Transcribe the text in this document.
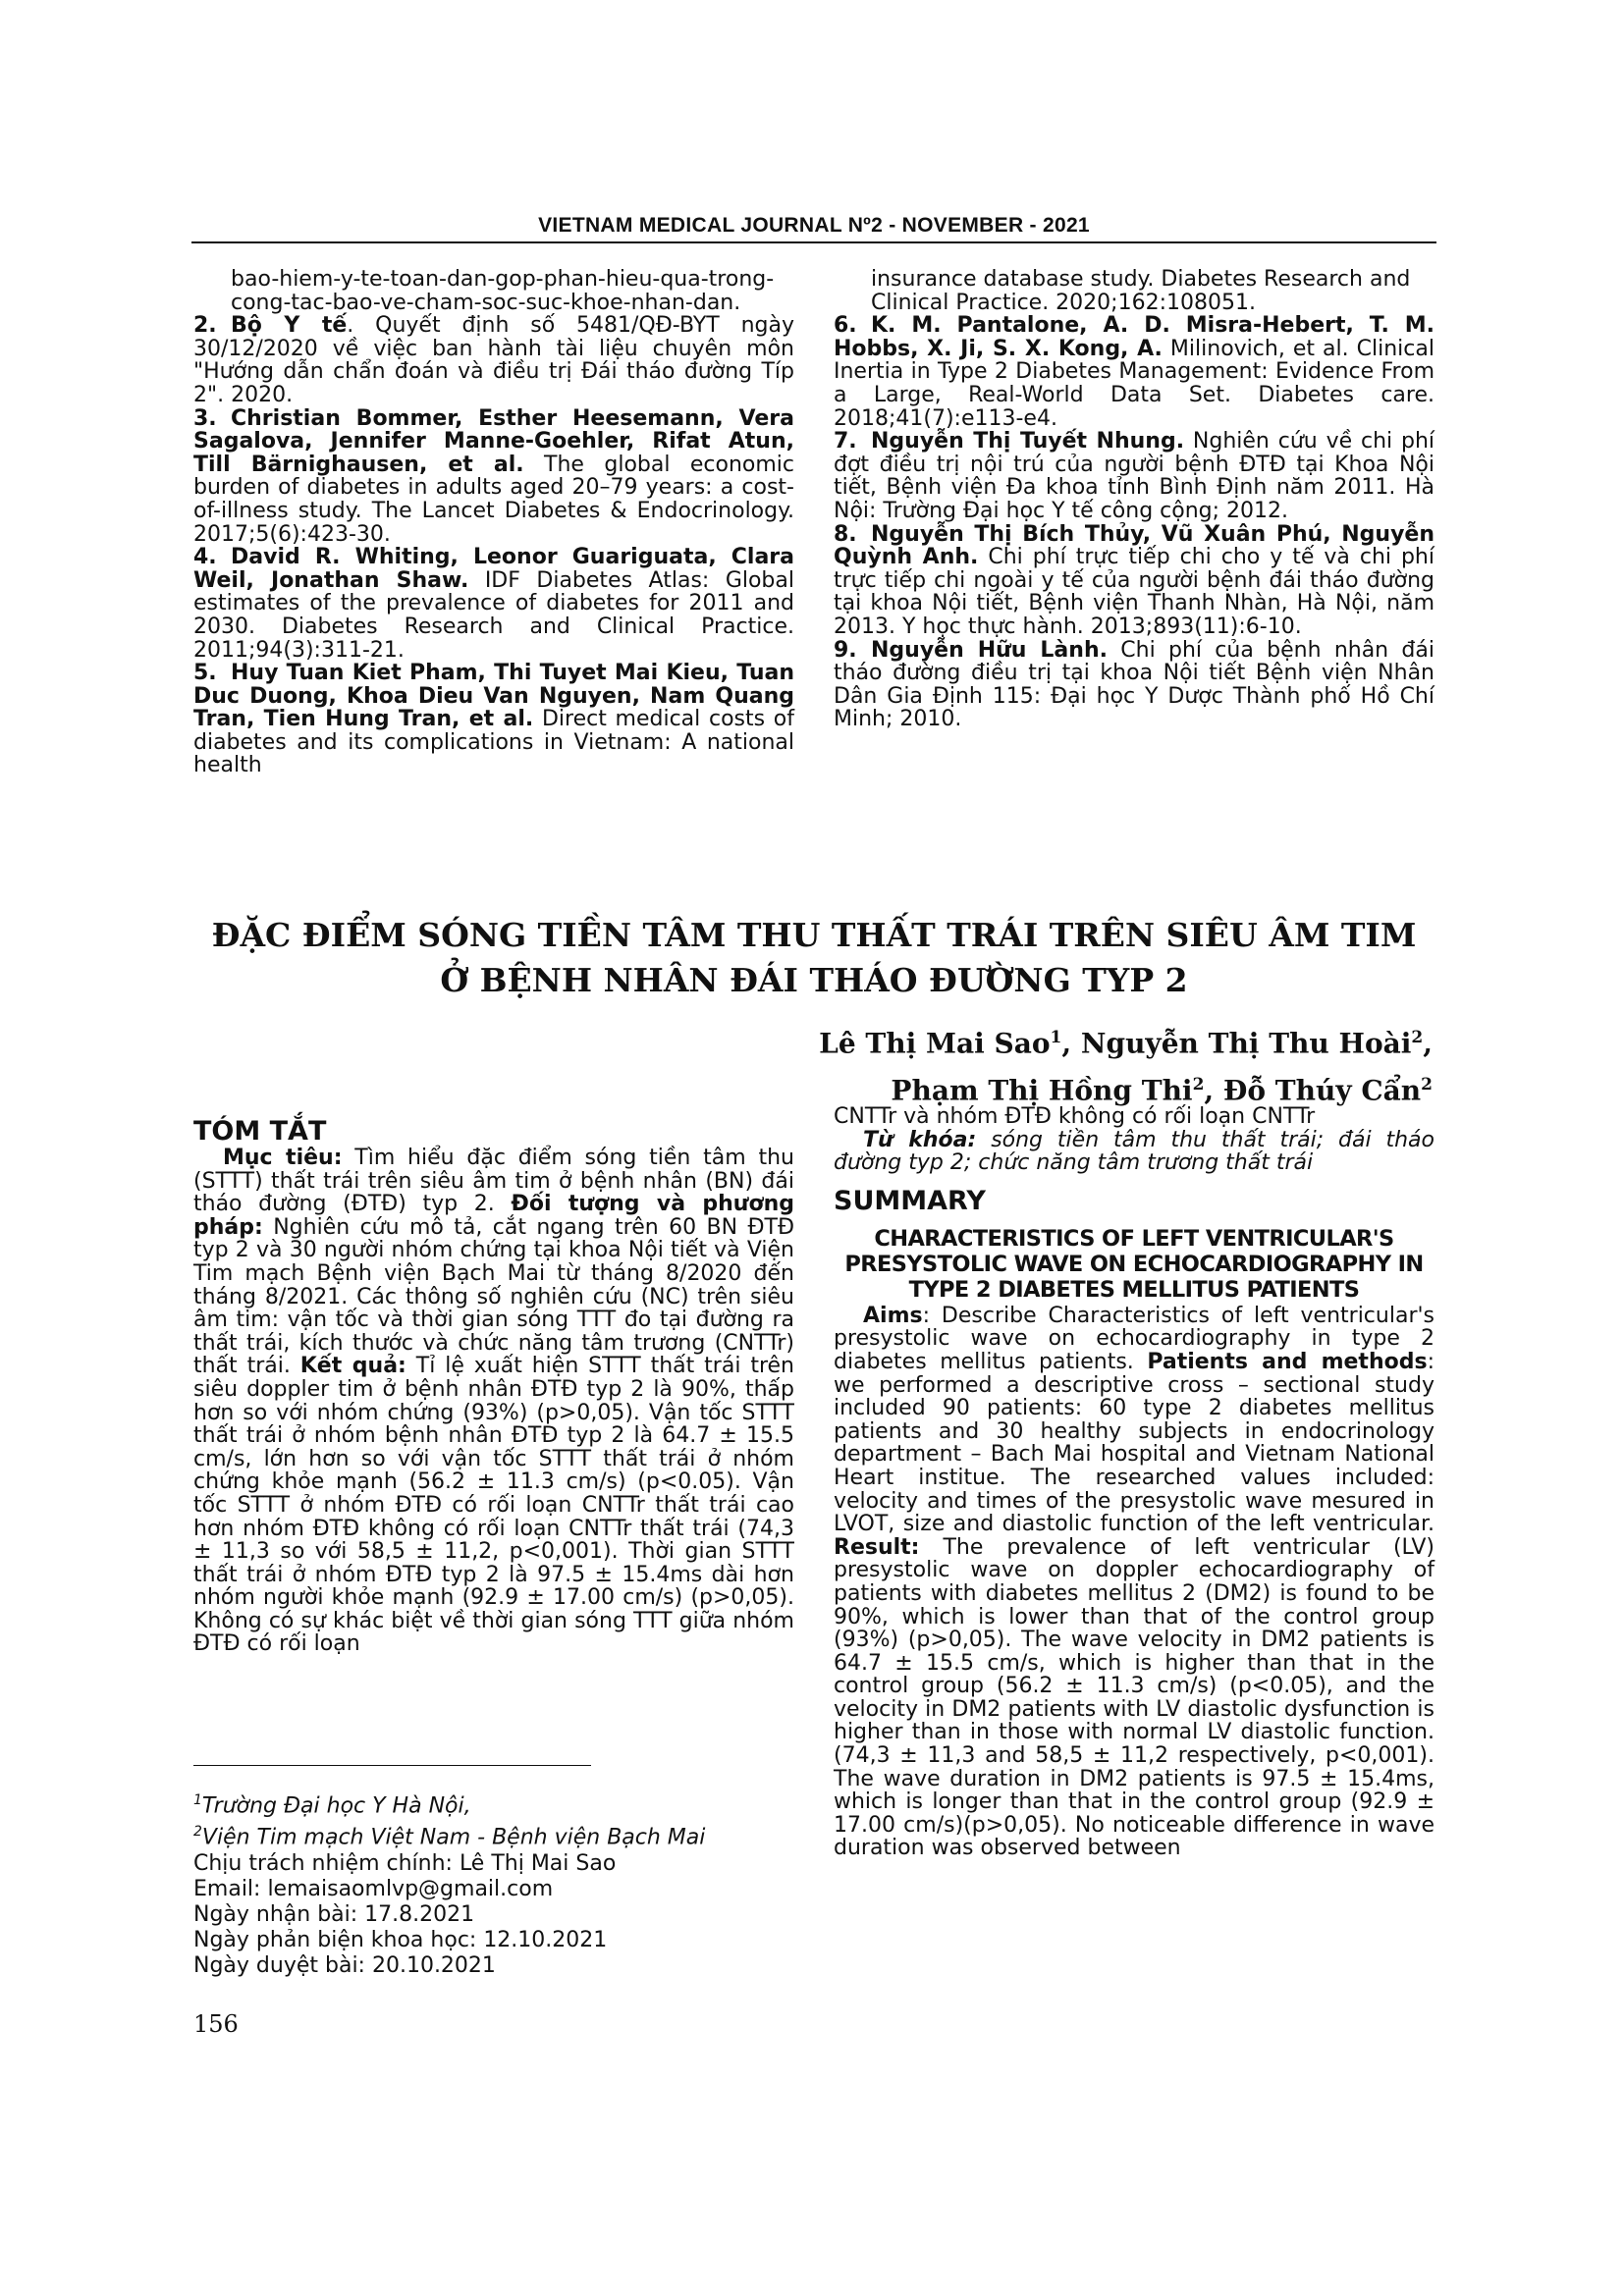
VIETNAM MEDICAL JOURNAL Nº2 - NOVEMBER - 2021

bao-hiem-y-te-toan-dan-gop-phan-hieu-qua-trong-cong-tac-bao-ve-cham-soc-suc-khoe-nhan-dan.

2. Bộ Y tế. Quyết định số 5481/QĐ-BYT ngày 30/12/2020 về việc ban hành tài liệu chuyên môn "Hướng dẫn chẩn đoán và điều trị Đái tháo đường Típ 2". 2020.

3. Christian Bommer, Esther Heesemann, Vera Sagalova, Jennifer Manne-Goehler, Rifat Atun, Till Bärnighausen, et al. The global economic burden of diabetes in adults aged 20–79 years: a cost-of-illness study. The Lancet Diabetes & Endocrinology. 2017;5(6):423-30.

4. David R. Whiting, Leonor Guariguata, Clara Weil, Jonathan Shaw. IDF Diabetes Atlas: Global estimates of the prevalence of diabetes for 2011 and 2030. Diabetes Research and Clinical Practice. 2011;94(3):311-21.

5. Huy Tuan Kiet Pham, Thi Tuyet Mai Kieu, Tuan Duc Duong, Khoa Dieu Van Nguyen, Nam Quang Tran, Tien Hung Tran, et al. Direct medical costs of diabetes and its complications in Vietnam: A national health

insurance database study. Diabetes Research and Clinical Practice. 2020;162:108051.

6. K. M. Pantalone, A. D. Misra-Hebert, T. M. Hobbs, X. Ji, S. X. Kong, A. Milinovich, et al. Clinical Inertia in Type 2 Diabetes Management: Evidence From a Large, Real-World Data Set. Diabetes care. 2018;41(7):e113-e4.

7. Nguyễn Thị Tuyết Nhung. Nghiên cứu về chi phí đợt điều trị nội trú của người bệnh ĐTĐ tại Khoa Nội tiết, Bệnh viện Đa khoa tỉnh Bình Định năm 2011. Hà Nội: Trường Đại học Y tế công cộng; 2012.

8. Nguyễn Thị Bích Thủy, Vũ Xuân Phú, Nguyễn Quỳnh Anh. Chi phí trực tiếp chi cho y tế và chi phí trực tiếp chi ngoài y tế của người bệnh đái tháo đường tại khoa Nội tiết, Bệnh viện Thanh Nhàn, Hà Nội, năm 2013. Y học thực hành. 2013;893(11):6-10.

9. Nguyễn Hữu Lành. Chi phí của bệnh nhân đái tháo đường điều trị tại khoa Nội tiết Bệnh viện Nhân Dân Gia Định 115: Đại học Y Dược Thành phố Hồ Chí Minh; 2010.

ĐẶC ĐIỂM SÓNG TIỀN TÂM THU THẤT TRÁI TRÊN SIÊU ÂM TIM
Ở BỆNH NHÂN ĐÁI THÁO ĐƯỜNG TYP 2
Lê Thị Mai Sao$^1$, Nguyễn Thị Thu Hoài$^2$,
Phạm Thị Hồng Thi$^2$, Đỗ Thúy Cẩn$^2$
TÓM TẮT

Mục tiêu: Tìm hiểu đặc điểm sóng tiền tâm thu (STTT) thất trái trên siêu âm tim ở bệnh nhân (BN) đái tháo đường (ĐTĐ) typ 2. Đối tượng và phương pháp: Nghiên cứu mô tả, cắt ngang trên 60 BN ĐTĐ typ 2 và 30 người nhóm chứng tại khoa Nội tiết và Viện Tim mạch Bệnh viện Bạch Mai từ tháng 8/2020 đến tháng 8/2021. Các thông số nghiên cứu (NC) trên siêu âm tim: vận tốc và thời gian sóng TTT đo tại đường ra thất trái, kích thước và chức năng tâm trương (CNTTr) thất trái. Kết quả: Tỉ lệ xuất hiện STTT thất trái trên siêu doppler tim ở bệnh nhân ĐTĐ typ 2 là 90%, thấp hơn so với nhóm chứng (93%) (p>0,05). Vận tốc STTT thất trái ở nhóm bệnh nhân ĐTĐ typ 2 là 64.7 ± 15.5 cm/s, lớn hơn so với vận tốc STTT thất trái ở nhóm chứng khỏe mạnh (56.2 ± 11.3 cm/s) (p<0.05). Vận tốc STTT ở nhóm ĐTĐ có rối loạn CNTTr thất trái cao hơn nhóm ĐTĐ không có rối loạn CNTTr thất trái (74,3 ± 11,3 so với 58,5 ± 11,2, p<0,001). Thời gian STTT thất trái ở nhóm ĐTĐ typ 2 là 97.5 ± 15.4ms dài hơn nhóm người khỏe mạnh (92.9 ± 17.00 cm/s) (p>0,05). Không có sự khác biệt về thời gian sóng TTT giữa nhóm ĐTĐ có rối loạn

CNTTr và nhóm ĐTĐ không có rối loạn CNTTr

Từ khóa: sóng tiền tâm thu thất trái; đái tháo đường typ 2; chức năng tâm trương thất trái

SUMMARY
CHARACTERISTICS OF LEFT VENTRICULAR'S PRESYSTOLIC WAVE ON ECHOCARDIOGRAPHY IN TYPE 2 DIABETES MELLITUS PATIENTS

Aims: Describe Characteristics of left ventricular's presystolic wave on echocardiography in type 2 diabetes mellitus patients. Patients and methods: we performed a descriptive cross – sectional study included 90 patients: 60 type 2 diabetes mellitus patients and 30 healthy subjects in endocrinology department – Bach Mai hospital and Vietnam National Heart institue. The researched values included: velocity and times of the presystolic wave mesured in LVOT, size and diastolic function of the left ventricular. Result: The prevalence of left ventricular (LV) presystolic wave on doppler echocardiography of patients with diabetes mellitus 2 (DM2) is found to be 90%, which is lower than that of the control group (93%) (p>0,05). The wave velocity in DM2 patients is 64.7 ± 15.5 cm/s, which is higher than that in the control group (56.2 ± 11.3 cm/s) (p<0.05), and the velocity in DM2 patients with LV diastolic dysfunction is higher than in those with normal LV diastolic function. (74,3 ± 11,3 and 58,5 ± 11,2 respectively, p<0,001). The wave duration in DM2 patients is 97.5 ± 15.4ms, which is longer than that in the control group (92.9 ± 17.00 cm/s)(p>0,05). No noticeable difference in wave duration was observed between

$^1$Trường Đại học Y Hà Nội,
$^2$Viện Tim mạch Việt Nam - Bệnh viện Bạch Mai
Chịu trách nhiệm chính: Lê Thị Mai Sao
Email: lemaisaomlvp@gmail.com
Ngày nhận bài: 17.8.2021
Ngày phản biện khoa học: 12.10.2021
Ngày duyệt bài: 20.10.2021
156
